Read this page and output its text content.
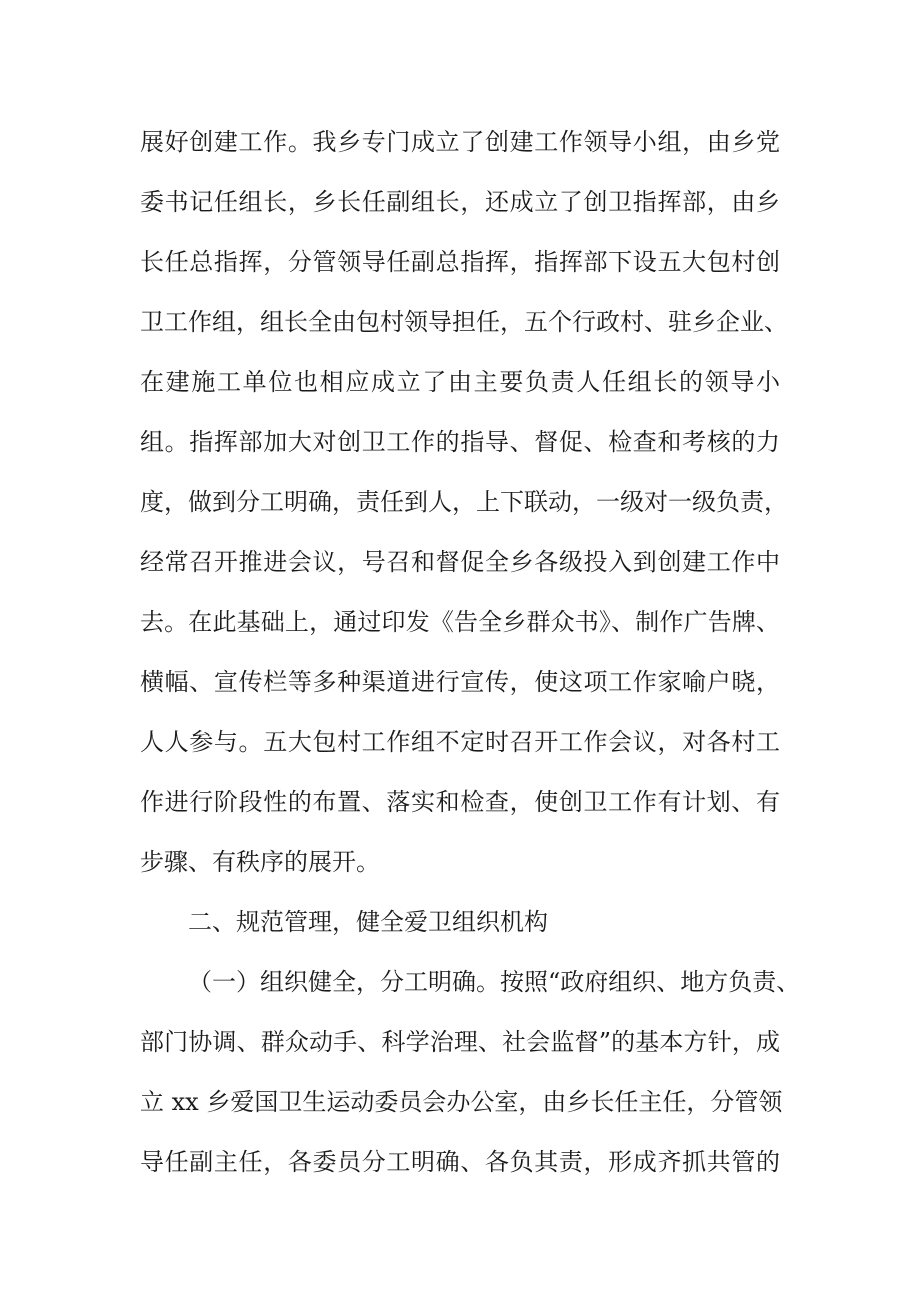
展好创建工作。我乡专门成立了创建工作领导小组，由乡党
委书记任组长，乡长任副组长，还成立了创卫指挥部，由乡
长任总指挥，分管领导任副总指挥，指挥部下设五大包村创
卫工作组，组长全由包村领导担任，五个行政村、驻乡企业、
在建施工单位也相应成立了由主要负责人任组长的领导小
组。指挥部加大对创卫工作的指导、督促、检查和考核的力
度，做到分工明确，责任到人，上下联动，一级对一级负责，
经常召开推进会议，号召和督促全乡各级投入到创建工作中
去。在此基础上，通过印发《告全乡群众书》、制作广告牌、
横幅、宣传栏等多种渠道进行宣传，使这项工作家喻户晓，
人人参与。五大包村工作组不定时召开工作会议，对各村工
作进行阶段性的布置、落实和检查，使创卫工作有计划、有
步骤、有秩序的展开。
二、规范管理，健全爱卫组织机构
（一）组织健全，分工明确。按照“政府组织、地方负责、
部门协调、群众动手、科学治理、社会监督”的基本方针，成
立 xx 乡爱国卫生运动委员会办公室，由乡长任主任，分管领
导任副主任，各委员分工明确、各负其责，形成齐抓共管的
